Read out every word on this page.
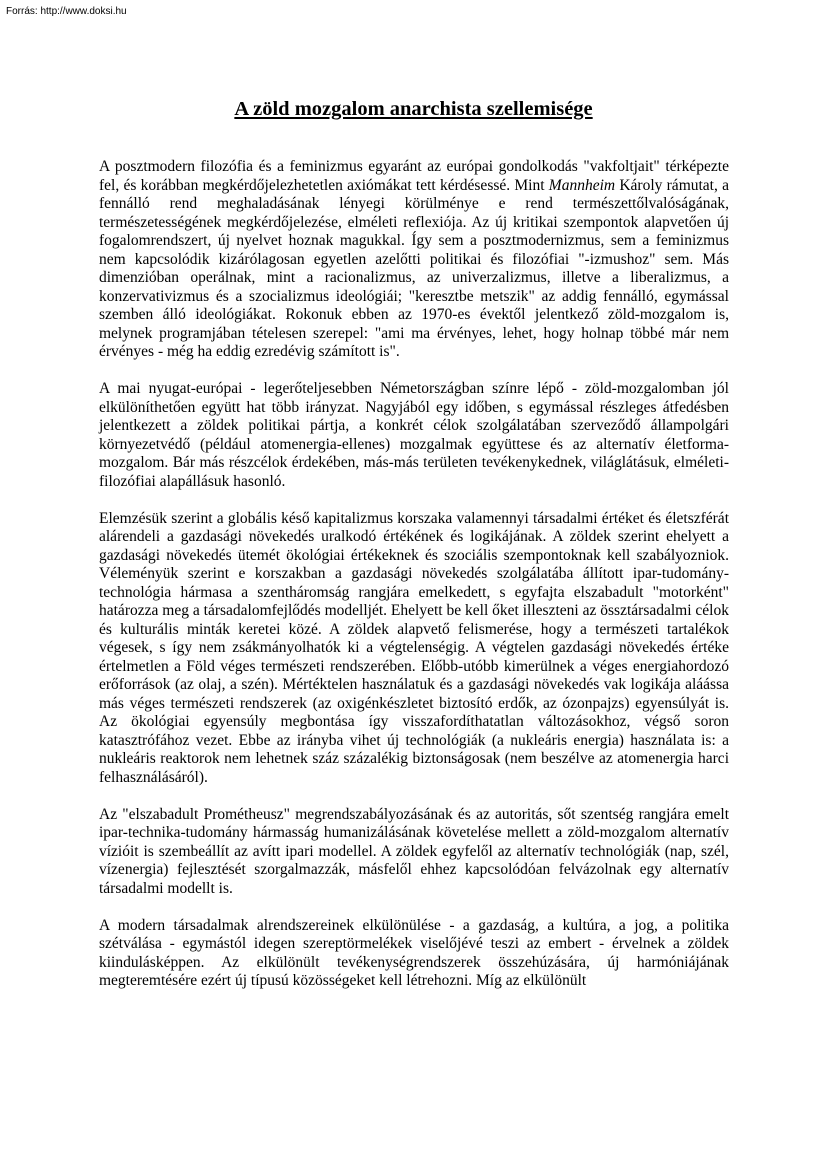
Forrás: http://www.doksi.hu
A zöld mozgalom anarchista szellemisége

A posztmodern filozófia és a feminizmus egyaránt az európai gondolkodás "vakfoltjait" térképezte fel, és korábban megkérdőjelezhetetlen axiómákat tett kérdésessé. Mint Mannheim Károly rámutat, a fennálló rend meghaladásának lényegi körülménye e rend természettőlvalóságának, természetességének megkérdőjelezése, elméleti reflexiója. Az új kritikai szempontok alapvetően új fogalomrendszert, új nyelvet hoznak magukkal. Így sem a posztmodernizmus, sem a feminizmus nem kapcsolódik kizárólagosan egyetlen azelőtti politikai és filozófiai "-izmushoz" sem. Más dimenzióban operálnak, mint a racionalizmus, az univerzalizmus, illetve a liberalizmus, a konzervativizmus és a szocializmus ideológiái; "keresztbe metszik" az addig fennálló, egymással szemben álló ideológiákat. Rokonuk ebben az 1970-es évektől jelentkező zöld-mozgalom is, melynek programjában tételesen szerepel: "ami ma érvényes, lehet, hogy holnap többé már nem érvényes - még ha eddig ezredévig számított is".

A mai nyugat-európai - legerőteljesebben Németországban színre lépő - zöld-mozgalomban jól elkülöníthetően együtt hat több irányzat. Nagyjából egy időben, s egymással részleges átfedésben jelentkezett a zöldek politikai pártja, a konkrét célok szolgálatában szerveződő állampolgári környezetvédő (például atomenergia-ellenes) mozgalmak együttese és az alternatív életforma-mozgalom. Bár más részcélok érdekében, más-más területen tevékenykednek, világlátásuk, elméleti-filozófiai alapállásuk hasonló.

Elemzésük szerint a globális késő kapitalizmus korszaka valamennyi társadalmi értéket és életszférát alárendeli a gazdasági növekedés uralkodó értékének és logikájának. A zöldek szerint ehelyett a gazdasági növekedés ütemét ökológiai értékeknek és szociális szempontoknak kell szabályozniok. Véleményük szerint e korszakban a gazdasági növekedés szolgálatába állított ipar-tudomány-technológia hármasa a szentháromság rangjára emelkedett, s egyfajta elszabadult "motorként" határozza meg a társadalomfejlődés modelljét. Ehelyett be kell őket illeszteni az össztársadalmi célok és kulturális minták keretei közé. A zöldek alapvető felismerése, hogy a természeti tartalékok végesek, s így nem zsákmányolhatók ki a végtelenségig. A végtelen gazdasági növekedés értéke értelmetlen a Föld véges természeti rendszerében. Előbb-utóbb kimerülnek a véges energiahordozó erőforrások (az olaj, a szén). Mértéktelen használatuk és a gazdasági növekedés vak logikája aláássa más véges természeti rendszerek (az oxigénkészletet biztosító erdők, az ózonpajzs) egyensúlyát is. Az ökológiai egyensúly megbontása így visszafordíthatatlan változásokhoz, végső soron katasztrófához vezet. Ebbe az irányba vihet új technológiák (a nukleáris energia) használata is: a nukleáris reaktorok nem lehetnek száz százalékig biztonságosak (nem beszélve az atomenergia harci felhasználásáról).

Az "elszabadult Prométheusz" megrendszabályozásának és az autoritás, sőt szentség rangjára emelt ipar-technika-tudomány hármasság humanizálásának követelése mellett a zöld-mozgalom alternatív vízióit is szembeállít az avítt ipari modellel. A zöldek egyfelől az alternatív technológiák (nap, szél, vízenergia) fejlesztését szorgalmazzák, másfelől ehhez kapcsolódóan felvázolnak egy alternatív társadalmi modellt is.

A modern társadalmak alrendszereinek elkülönülése - a gazdaság, a kultúra, a jog, a politika szétválása - egymástól idegen szereptörmelékek viselőjévé teszi az embert - érvelnek a zöldek kiindulásképpen. Az elkülönült tevékenységrendszerek összehúzására, új harmóniájának megteremtésére ezért új típusú közösségeket kell létrehozni. Míg az elkülönült
